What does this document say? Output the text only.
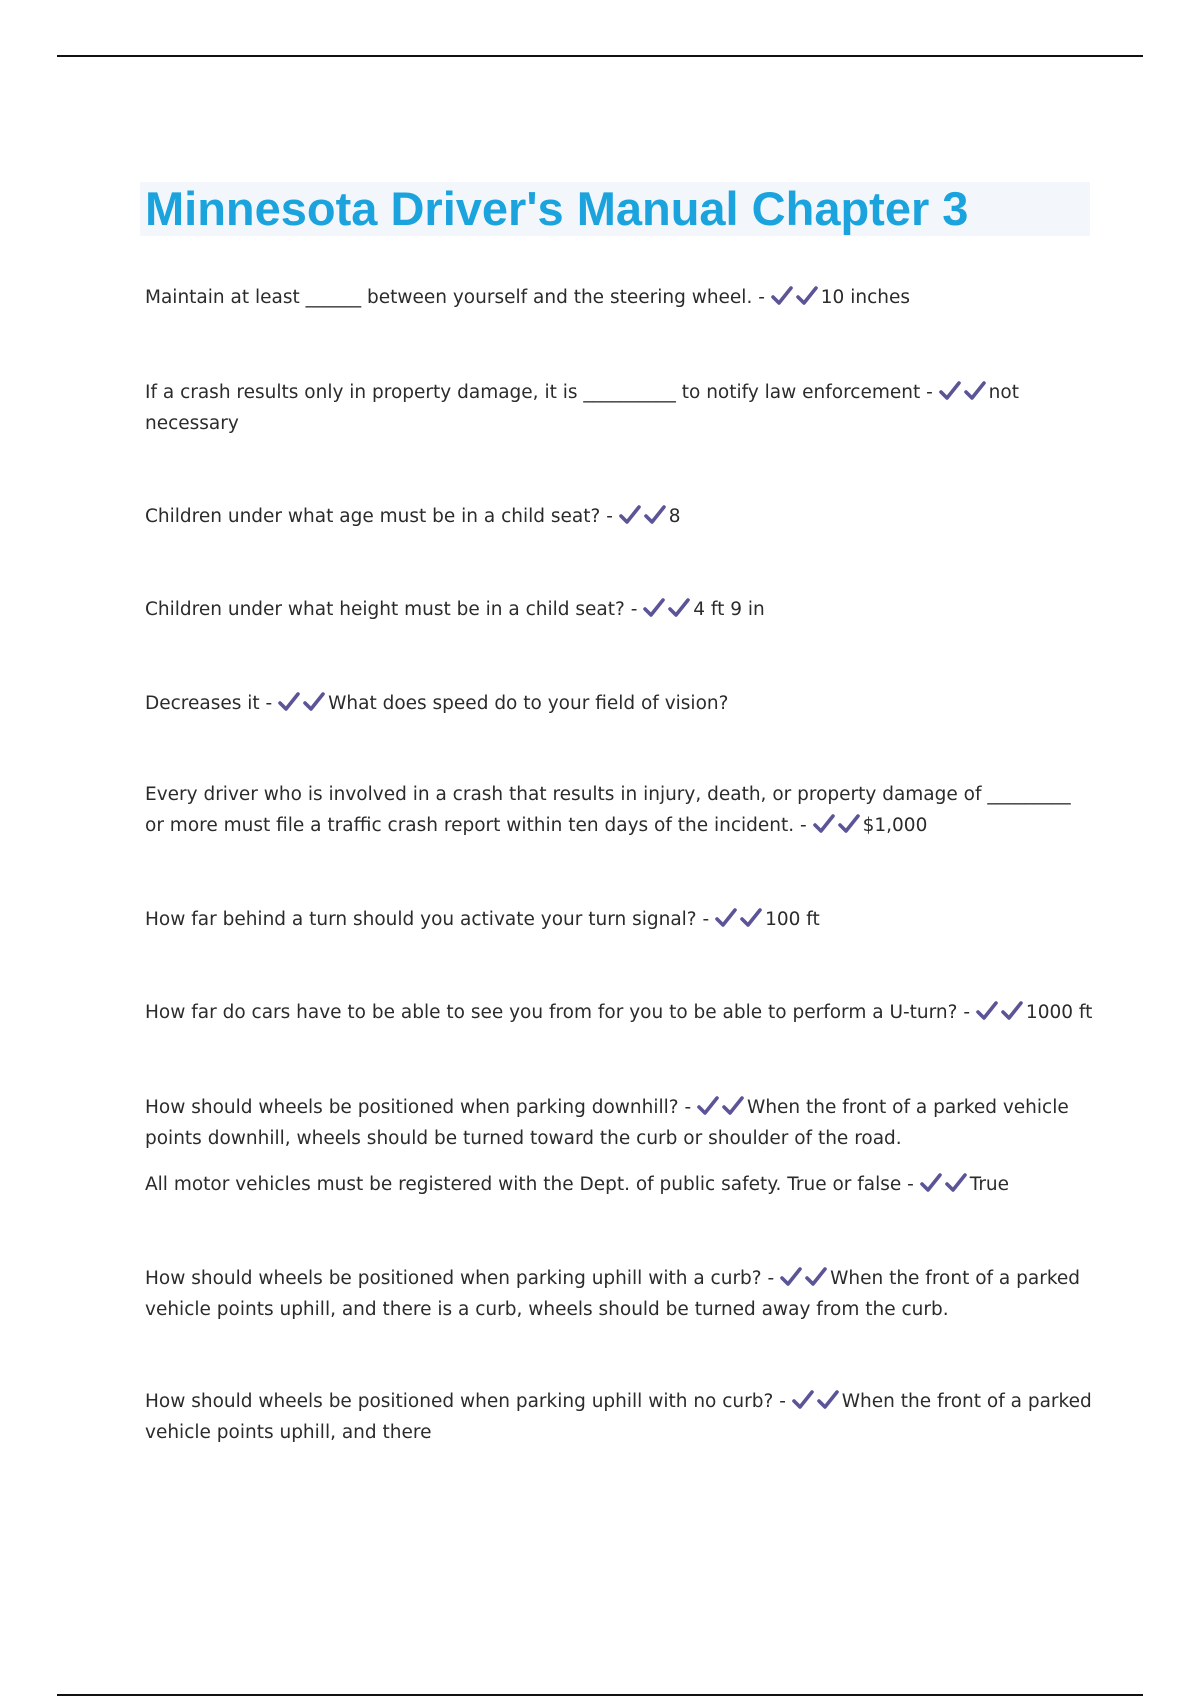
Minnesota Driver's Manual Chapter 3

Maintain at least ______ between yourself and the steering wheel. -	10 inches

If a crash results only in property damage, it is __________ to notify law enforcement -	not necessary

Children under what age must be in a child seat? -	8

Children under what height must be in a child seat? -	4 ft 9 in

Decreases it -	What does speed do to your field of vision?

Every driver who is involved in a crash that results in injury, death, or property damage of _________ or more must file a traffic crash report within ten days of the incident. -	$1,000

How far behind a turn should you activate your turn signal? -	100 ft

How far do cars have to be able to see you from for you to be able to perform a U-turn? -	1000 ft

How should wheels be positioned when parking downhill? -	When the front of a parked vehicle points downhill, wheels should be turned toward the curb or shoulder of the road.

All motor vehicles must be registered with the Dept. of public safety. True or false -	True

How should wheels be positioned when parking uphill with a curb? -	When the front of a parked vehicle points uphill, and there is a curb, wheels should be turned away from the curb.

How should wheels be positioned when parking uphill with no curb? -	When the front of a parked vehicle points uphill, and there
